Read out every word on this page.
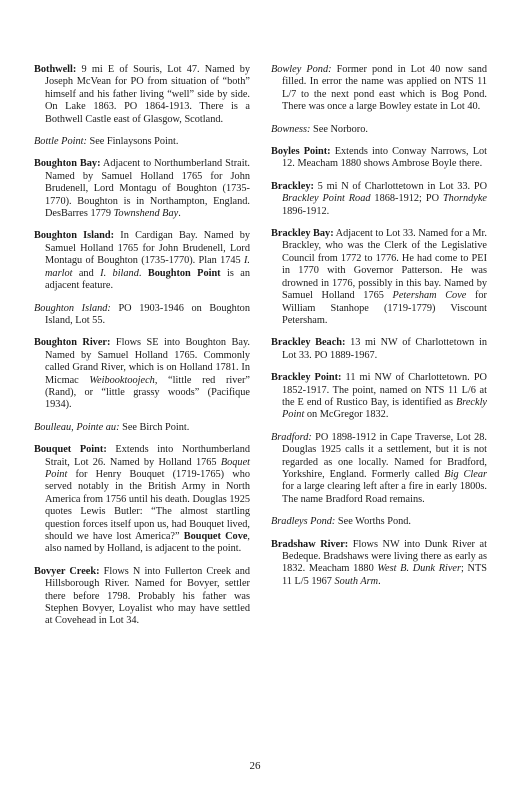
Bothwell: 9 mi E of Souris, Lot 47. Named by Joseph McVean for PO from situation of “both” himself and his father living “well” side by side. On Lake 1863. PO 1864-1913. There is a Bothwell Castle east of Glasgow, Scotland.

Bottle Point: See Finlaysons Point.

Boughton Bay: Adjacent to Northumberland Strait. Named by Samuel Holland 1765 for John Brudenell, Lord Montagu of Boughton (1735-1770). Boughton is in Northampton, England. DesBarres 1779 Townshend Bay.

Boughton Island: In Cardigan Bay. Named by Samuel Holland 1765 for John Brudenell, Lord Montagu of Boughton (1735-1770). Plan 1745 I. marlot and I. biland. Boughton Point is an adjacent feature.

Boughton Island: PO 1903-1946 on Boughton Island, Lot 55.

Boughton River: Flows SE into Boughton Bay. Named by Samuel Holland 1765. Commonly called Grand River, which is on Holland 1781. In Micmac Weibooktoojech, “little red river” (Rand), or “little grassy woods” (Pacifique 1934).

Boulleau, Pointe au: See Birch Point.

Bouquet Point: Extends into Northumberland Strait, Lot 26. Named by Holland 1765 Boquet Point for Henry Bouquet (1719-1765) who served notably in the British Army in North America from 1756 until his death. Douglas 1925 quotes Lewis Butler: “The almost startling question forces itself upon us, had Bouquet lived, should we have lost America?” Bouquet Cove, also named by Holland, is adjacent to the point.

Bovyer Creek: Flows N into Fullerton Creek and Hillsborough River. Named for Bovyer, settler there before 1798. Probably his father was Stephen Bovyer, Loyalist who may have settled at Covehead in Lot 34.

Bowley Pond: Former pond in Lot 40 now sand filled. In error the name was applied on NTS 11 L/7 to the next pond east which is Bog Pond. There was once a large Bowley estate in Lot 40.

Bowness: See Norboro.

Boyles Point: Extends into Conway Narrows, Lot 12. Meacham 1880 shows Ambrose Boyle there.

Brackley: 5 mi N of Charlottetown in Lot 33. PO Brackley Point Road 1868-1912; PO Thorndyke 1896-1912.

Brackley Bay: Adjacent to Lot 33. Named for a Mr. Brackley, who was the Clerk of the Legislative Council from 1772 to 1776. He had come to PEI in 1770 with Governor Patterson. He was drowned in 1776, possibly in this bay. Named by Samuel Holland 1765 Petersham Cove for William Stanhope (1719-1779) Viscount Petersham.

Brackley Beach: 13 mi NW of Charlottetown in Lot 33. PO 1889-1967.

Brackley Point: 11 mi NW of Charlottetown. PO 1852-1917. The point, named on NTS 11 L/6 at the E end of Rustico Bay, is identified as Breckly Point on McGregor 1832.

Bradford: PO 1898-1912 in Cape Traverse, Lot 28. Douglas 1925 calls it a settlement, but it is not regarded as one locally. Named for Bradford, Yorkshire, England. Formerly called Big Clear for a large clearing left after a fire in early 1800s. The name Bradford Road remains.

Bradleys Pond: See Worths Pond.

Bradshaw River: Flows NW into Dunk River at Bedeque. Bradshaws were living there as early as 1832. Meacham 1880 West B. Dunk River; NTS 11 L/5 1967 South Arm.

26
